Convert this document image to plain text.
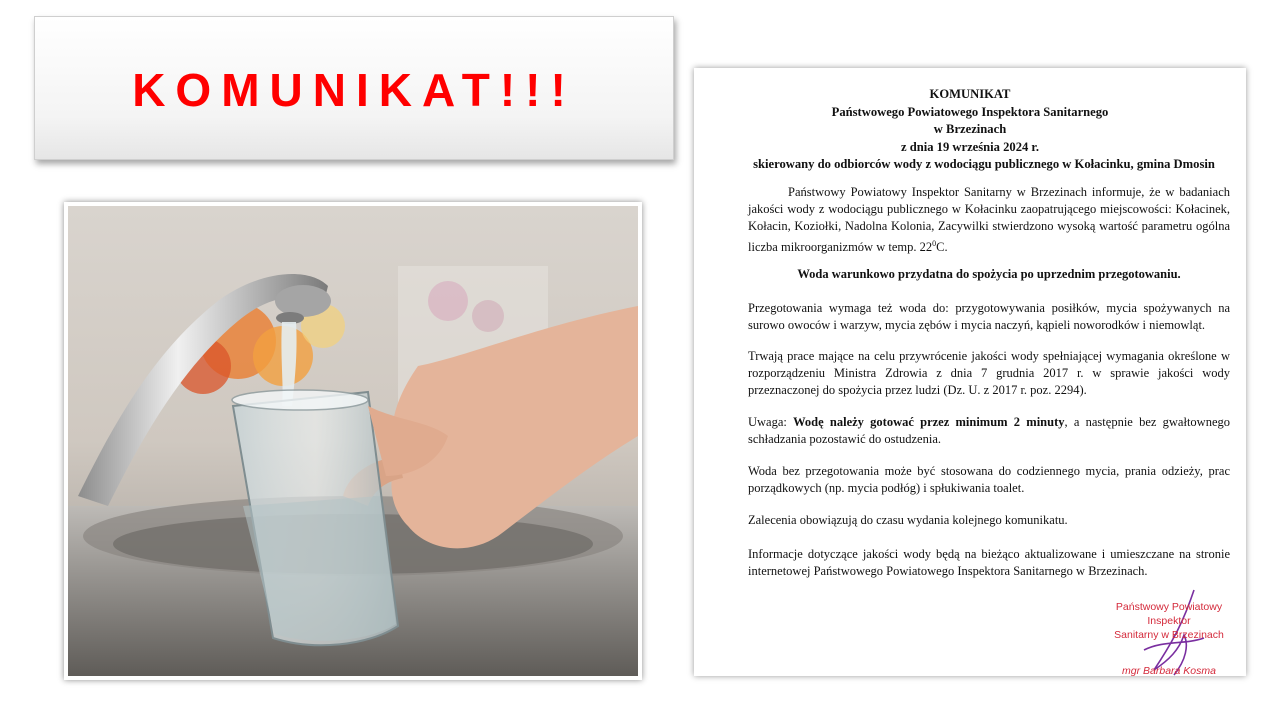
KOMUNIKAT!!!	KOMUNIKAT
Państwowego Powiatowego Inspektora Sanitarnego
w Brzezinach
z dnia 19 września 2024 r.
skierowany do odbiorców wody z wodociągu publicznego w Kołacinku, gmina Dmosin
Państwowy Powiatowy Inspektor Sanitarny w Brzezinach informuje, że w badaniach jakości wody z wodociągu publicznego w Kołacinku zaopatrującego miejscowości: Kołacinek, Kołacin, Koziołki, Nadolna Kolonia, Zacywilki stwierdzono wysoką wartość parametru ogólna liczba mikroorganizmów w temp. $22^0C$.
Woda warunkowo przydatna do spożycia po uprzednim przegotowaniu.
Przegotowania wymaga też woda do: przygotowywania posiłków, mycia spożywanych na surowo owoców i warzyw, mycia zębów i mycia naczyń, kąpieli noworodków i niemowląt.
Trwają prace mające na celu przywrócenie jakości wody spełniającej wymagania określone w rozporządzeniu Ministra Zdrowia z dnia 7 grudnia 2017 r. w sprawie jakości wody przeznaczonej do spożycia przez ludzi (Dz. U. z 2017 r. poz. 2294).
Uwaga: Wodę należy gotować przez minimum 2 minuty, a następnie bez gwałtownego schładzania pozostawić do ostudzenia.
Woda bez przegotowania może być stosowana do codziennego mycia, prania odzieży, prac porządkowych (np. mycia podłóg) i spłukiwania toalet.
Zalecenia obowiązują do czasu wydania kolejnego komunikatu.
Informacje dotyczące jakości wody będą na bieżąco aktualizowane i umieszczane na stronie internetowej Państwowego Powiatowego Inspektora Sanitarnego w Brzezinach.
Państwowy Powiatowy Inspektor
Sanitarny w Brzezinach
mgr Barbara Kosma
